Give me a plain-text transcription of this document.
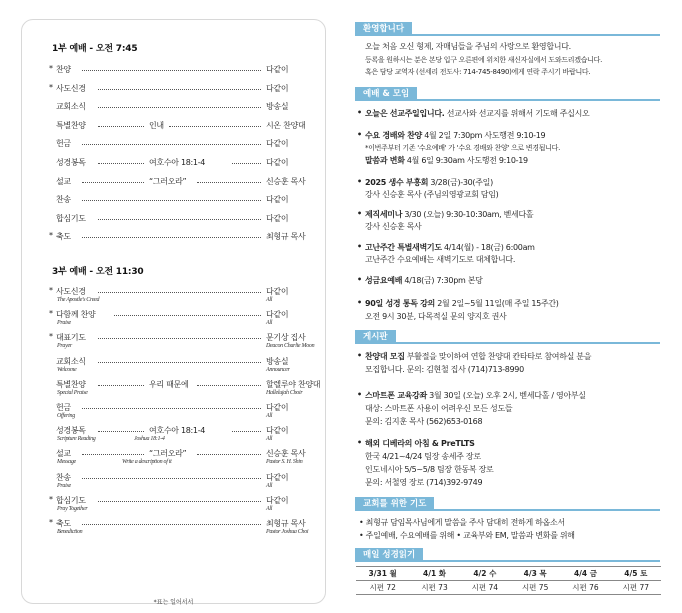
1부 예배 - 오전 7:45
* 찬양	다같이
* 사도신경	다같이
교회소식	방송실
특별찬양	인내	시온 찬양대
헌금	다같이
성경봉독	여호수아 18:1-4	다같이
설교	“그러오라”	신승훈 목사
찬송	다같이
합심기도	다같이
* 축도	최형규 목사
3부 예배 - 오전 11:30
* 사도신경	다같이
The Apostle's Creed	All
* 다함께 찬양	다같이
Praise	All
* 대표기도	문기상 집사
Prayer	Deacon Charlie Moon
교회소식	방송실
Welcome	Announcer
특별찬양	우리 때문에	할렐루야 찬양대
Special Praise	Hallelujah Choir
헌금	다같이
Offering	All
성경봉독	여호수아 18:1-4	다같이
Scripture Reading	Joshua 18:1-4	All
설교	“그러오라”	신승훈 목사
Message	Write a description of it	Pastor S. H. Shin
찬송	다같이
Praise	All
* 합심기도	다같이
Pray Together	All
* 축도	최형규 목사
Benediction	Pastor Joshua Choi
*표는 일어서서
환영합니다
오늘 처음 오신 형제, 자매님들을 주님의 사랑으로 환영합니다.
등록을 원하시는 분은 본당 입구 오른편에 위치한 새신자실에서 도와드리겠습니다.
혹은 담당 교역자 (선세리 전도사: 714-745-8490)에게 연락 주시기 바랍니다.
예배 & 모임
• 오늘은 선교주일입니다. 선교사와 선교지를 위해서 기도해 주십시오
• 수요 경배와 찬양 4월 2일 7:30pm 사도행전 9:10-19
*이번주부터 기존 '수요예배' 가 '수요 경배와 찬양' 으로 변경됩니다.
말씀과 변화 4월 6일 9:30am 사도행전 9:10-19
• 2025 생수 부흥회 3/28(금)-30(주일)
강사 신승훈 목사 (주님의영광교회 담임)
• 제직세미나 3/30 (오늘) 9:30-10:30am, 벧세다홀
강사 신승훈 목사
• 고난주간 특별새벽기도 4/14(월) - 18(금) 6:00am
고난주간 수요예배는 새벽기도로 대체합니다.
• 성금요예배 4/18(금) 7:30pm 본당
• 90일 성경 통독 강의 2월 2일~5월 11일(매 주일 15주간)
오전 9시 30분, 다목적실 문의 양지호 권사
게시판
• 찬양대 모집 부활절을 맞이하여 연합 찬양대 칸타타로 참여하실 분을
모집합니다. 문의: 김현철 집사 (714)713-8990
• 스마트폰 교육강좌 3월 30일 (오늘) 오후 2시, 벧세다홀 / 영아부실
대상: 스마트폰 사용이 어려우신 모든 성도들
문의: 김지훈 목사 (562)653-0168
• 해외 디베라의 아침 & PreTLTS
한국 4/21~4/24 팀장 송세주 장로
인도네시아 5/5~5/8 팀장 한동복 장로
문의: 서철영 장로 (714)392-9749
교회를 위한 기도
• 최형규 담임목사님에게 말씀을 주사 담대히 전하게 하옵소서
• 주일예배, 수요예배를 위해 • 교육부와 EM, 말씀과 변화를 위해
매일 성경읽기
3/31 월	4/1 화	4/2 수	4/3 목	4/4 금	4/5 토
시편 72	시편 73	시편 74	시편 75	시편 76	시편 77
